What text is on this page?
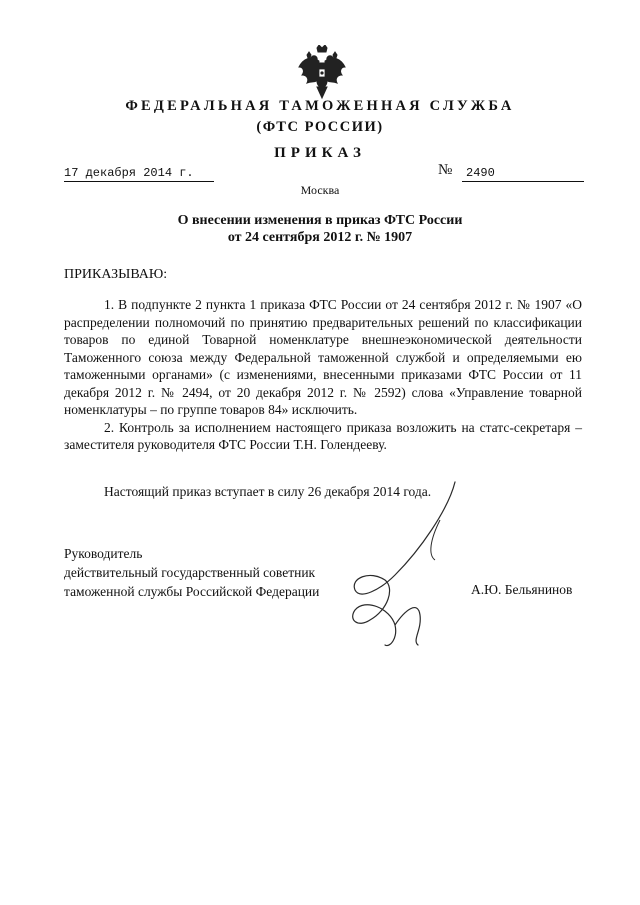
ФЕДЕРАЛЬНАЯ ТАМОЖЕННАЯ СЛУЖБА
(ФТС РОССИИ)
ПРИКАЗ
17 декабря 2014 г.	№	2490
Москва
О внесении изменения в приказ ФТС России
от 24 сентября 2012 г. № 1907
ПРИКАЗЫВАЮ:

1. В подпункте 2 пункта 1 приказа ФТС России от 24 сентября 2012 г. № 1907 «О распределении полномочий по принятию предварительных решений по классификации товаров по единой Товарной номенклатуре внешнеэкономической деятельности Таможенного союза между Федеральной таможенной службой и определяемыми ею таможенными органами» (с изменениями, внесенными приказами ФТС России от 11 декабря 2012 г. № 2494, от 20 декабря 2012 г. № 2592) слова «Управление товарной номенклатуры – по группе товаров 84» исключить.

2. Контроль за исполнением настоящего приказа возложить на статс-секретаря – заместителя руководителя ФТС России Т.Н. Голендееву.

Настоящий приказ вступает в силу 26 декабря 2014 года.
Руководитель
действительный государственный советник
таможенной службы Российской Федерации	А.Ю. Бельянинов
